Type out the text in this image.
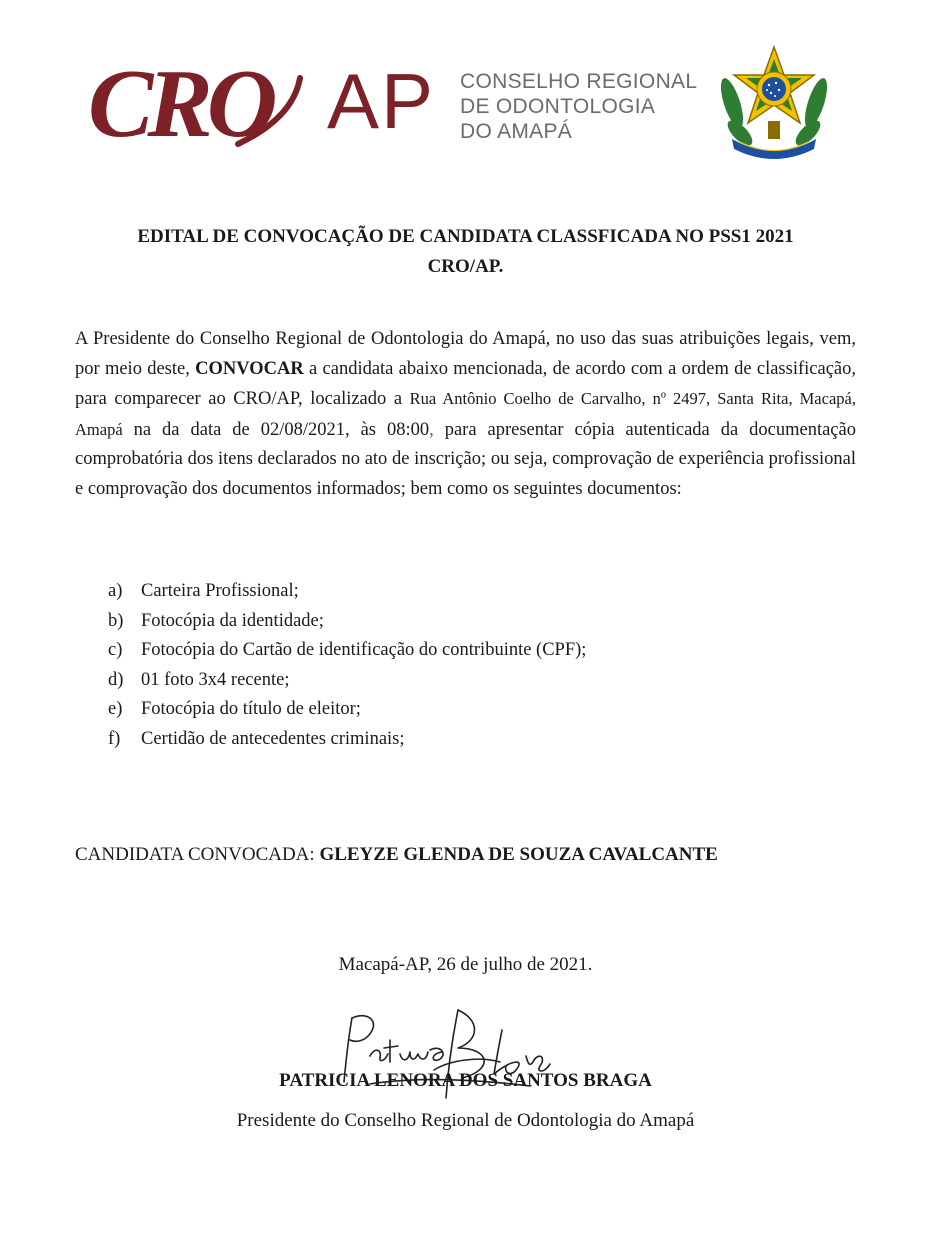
CRO AP CONSELHO REGIONAL
DE ODONTOLOGIA
DO AMAPÁ
EDITAL DE CONVOCAÇÃO DE CANDIDATA CLASSFICADA NO PSS1 2021
CRO/AP.
A Presidente do Conselho Regional de Odontologia do Amapá, no uso das suas atribuições legais, vem, por meio deste, CONVOCAR a candidata abaixo mencionada, de acordo com a ordem de classificação, para comparecer ao CRO/AP, localizado a Rua Antônio Coelho de Carvalho, nº 2497, Santa Rita, Macapá, Amapá na da data de 02/08/2021, às 08:00, para apresentar cópia autenticada da documentação comprobatória dos itens declarados no ato de inscrição; ou seja, comprovação de experiência profissional e comprovação dos documentos informados; bem como os seguintes documentos:
a)	Carteira Profissional;
b) Fotocópia da identidade;
c)	Fotocópia do Cartão de identificação do contribuinte (CPF);
d) 01 foto 3x4 recente;
e)	Fotocópia do título de eleitor;
f)	Certidão de antecedentes criminais;
CANDIDATA CONVOCADA: GLEYZE GLENDA DE SOUZA CAVALCANTE
Macapá-AP, 26 de julho de 2021.
PATRICIA LENORA DOS SANTOS BRAGA
Presidente do Conselho Regional de Odontologia do Amapá
